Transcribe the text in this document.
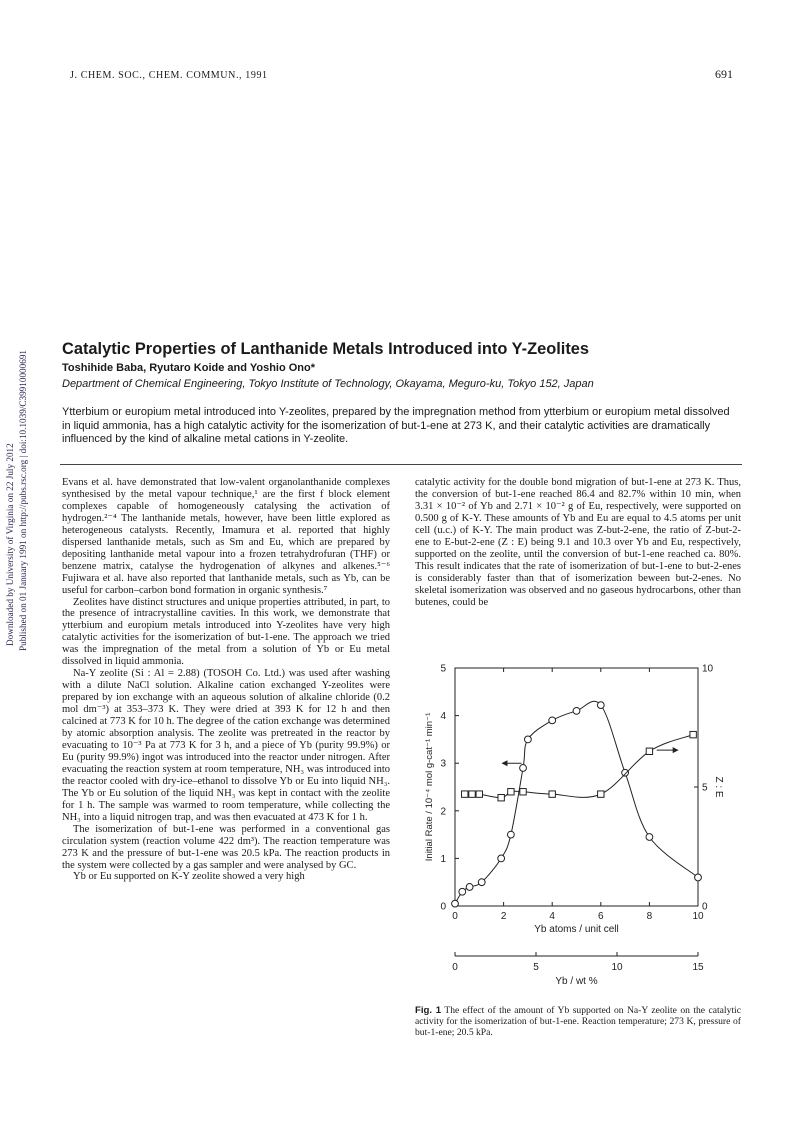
J. CHEM. SOC., CHEM. COMMUN., 1991	691
Downloaded by University of Virginia on 22 July 2012 Published on 01 January 1991 on http://pubs.rsc.org | doi:10.1039/C39910000691
Catalytic Properties of Lanthanide Metals Introduced into Y-Zeolites
Toshihide Baba, Ryutaro Koide and Yoshio Ono*
Department of Chemical Engineering, Tokyo Institute of Technology, Okayama, Meguro-ku, Tokyo 152, Japan
Ytterbium or europium metal introduced into Y-zeolites, prepared by the impregnation method from ytterbium or europium metal dissolved in liquid ammonia, has a high catalytic activity for the isomerization of but-1-ene at 273 K, and their catalytic activities are dramatically influenced by the kind of alkaline metal cations in Y-zeolite.

Evans et al. have demonstrated that low-valent organolanthanide complexes synthesised by the metal vapour technique,¹ are the first f block element complexes capable of homogeneously catalysing the activation of hydrogen.²⁻⁴ The lanthanide metals, however, have been little explored as heterogeneous catalysts. Recently, Imamura et al. reported that highly dispersed lanthanide metals, such as Sm and Eu, which are prepared by depositing lanthanide metal vapour into a frozen tetrahydrofuran (THF) or benzene matrix, catalyse the hydrogenation of alkynes and alkenes.⁵⁻⁶ Fujiwara et al. have also reported that lanthanide metals, such as Yb, can be useful for carbon–carbon bond formation in organic synthesis.⁷

Zeolites have distinct structures and unique properties attributed, in part, to the presence of intracrystalline cavities. In this work, we demonstrate that ytterbium and europium metals introduced into Y-zeolites have very high catalytic activities for the isomerization of but-1-ene. The approach we tried was the impregnation of the metal from a solution of Yb or Eu metal dissolved in liquid ammonia.

Na-Y zeolite (Si : Al = 2.88) (TOSOH Co. Ltd.) was used after washing with a dilute NaCl solution. Alkaline cation exchanged Y-zeolites were prepared by ion exchange with an aqueous solution of alkaline chloride (0.2 mol dm⁻³) at 353–373 K. They were dried at 393 K for 12 h and then calcined at 773 K for 10 h. The degree of the cation exchange was determined by atomic absorption analysis. The zeolite was pretreated in the reactor by evacuating to 10⁻³ Pa at 773 K for 3 h, and a piece of Yb (purity 99.9%) or Eu (purity 99.9%) ingot was introduced into the reactor under nitrogen. After evacuating the reaction system at room temperature, NH₃ was introduced into the reactor cooled with dry-ice–ethanol to dissolve Yb or Eu into liquid NH₃. The Yb or Eu solution of the liquid NH₃ was kept in contact with the zeolite for 1 h. The sample was warmed to room temperature, while collecting the NH₃ into a liquid nitrogen trap, and was then evacuated at 473 K for 1 h.

The isomerization of but-1-ene was performed in a conventional gas circulation system (reaction volume 422 dm³). The reaction temperature was 273 K and the pressure of but-1-ene was 20.5 kPa. The reaction products in the system were collected by a gas sampler and were analysed by GC.

Yb or Eu supported on K-Y zeolite showed a very high

catalytic activity for the double bond migration of but-1-ene at 273 K. Thus, the conversion of but-1-ene reached 86.4 and 82.7% within 10 min, when 3.31 × 10⁻² of Yb and 2.71 × 10⁻² g of Eu, respectively, were supported on 0.500 g of K-Y. These amounts of Yb and Eu are equal to 4.5 atoms per unit cell (u.c.) of K-Y. The main product was Z-but-2-ene, the ratio of Z-but-2-ene to E-but-2-ene (Z : E) being 9.1 and 10.3 over Yb and Eu, respectively, supported on the zeolite, until the conversion of but-1-ene reached ca. 80%. This result indicates that the rate of isomerization of but-1-ene to but-2-enes is considerably faster than that of isomerization beween but-2-enes. No skeletal isomerization was observed and no gaseous hydrocarbons, other than butenes, could be

0	2	4	6	8	10
Yb atoms / unit cell
0
1
2
3
4
5
0
5
10
Initial Rate / 10⁻⁴ mol g-cat⁻¹ min⁻¹	Z : E
0	5	10	15
Yb / wt %
Fig. 1 The effect of the amount of Yb supported on Na-Y zeolite on the catalytic activity for the isomerization of but-1-ene. Reaction temperature; 273 K, pressure of but-1-ene; 20.5 kPa.
